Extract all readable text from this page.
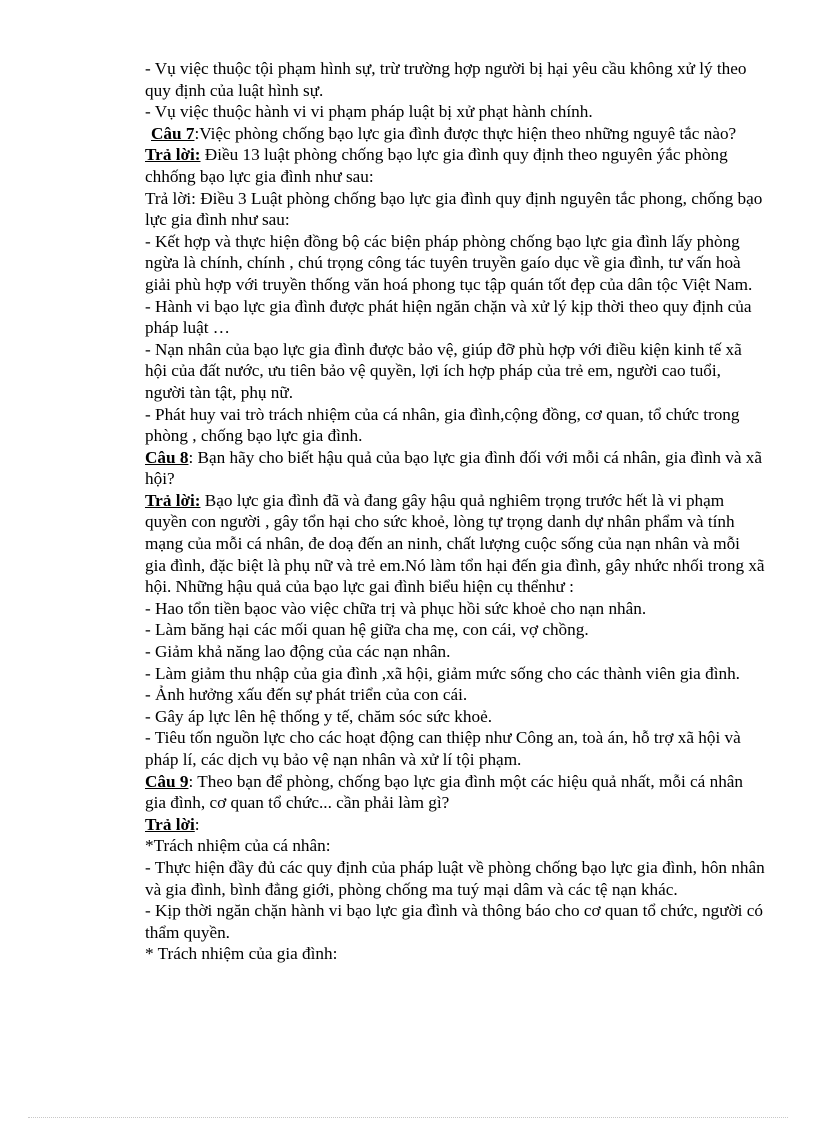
- Vụ việc thuộc tội phạm hình sự, trừ trường hợp người bị hại yêu cầu không xử lý theo quy định của luật hình sự.

- Vụ việc thuộc hành vi vi phạm pháp luật bị xử phạt hành chính.

Câu 7:Việc phòng chống bạo lực gia đình được thực hiện theo những nguyê tắc nào?

Trả lời: Điều 13 luật phòng chống bạo lực gia đình quy định theo nguyên ýắc phòng chhống bạo lực gia đình như sau:

Trả lời: Điều 3 Luật phòng chống bạo lực gia đình quy định nguyên tắc phong, chống bạo lực gia đình như sau:

- Kết hợp và thực hiện đồng bộ các biện pháp phòng chống bạo lực gia đình lấy phòng ngừa là chính, chính , chú trọng công tác tuyên truyền gaío dục về gia đình, tư vấn hoà giải phù hợp với truyền thống văn hoá phong tục tập quán tốt đẹp của dân tộc Việt Nam.

- Hành vi bạo lực gia đình được phát hiện ngăn chặn và xử lý kịp thời theo quy định của pháp luật …

- Nạn nhân của bạo lực gia đình được bảo vệ, giúp đỡ phù hợp với điều kiện kinh tế xã hội của đất nước, ưu tiên bảo vệ quyền, lợi ích hợp pháp của trẻ em, người cao tuổi, người tàn tật, phụ nữ.

- Phát huy vai trò trách nhiệm của cá nhân, gia đình,cộng đồng, cơ quan, tổ chức trong phòng , chống bạo lực gia đình.

Câu 8: Bạn hãy cho biết hậu quả của bạo lực gia đình đối với mỗi cá nhân, gia đình và xã hội?

Trả lời: Bạo lực gia đình đã và đang gây hậu quả nghiêm trọng trước hết là vi phạm quyền con người , gây tổn hại cho sức khoẻ, lòng tự trọng danh dự nhân phẩm và tính mạng của mỗi cá nhân, đe doạ đến an ninh, chất lượng cuộc sống của nạn nhân và mỗi gia đình, đặc biệt là phụ nữ và trẻ em.Nó làm tổn hại đến gia đình, gây nhức nhối trong xã hội. Những hậu quả của bạo lực gai đình biểu hiện cụ thểnhư :

- Hao tổn tiền bạoc vào việc chữa trị và phục hồi sức khoẻ cho nạn nhân.

- Làm băng hại các mối quan hệ giữa cha mẹ, con cái, vợ chồng.

- Giảm khả năng lao động của các nạn nhân.

- Làm giảm thu nhập của gia đình ,xã hội, giảm mức sống cho các thành viên gia đình.

- Ảnh hưởng xấu đến sự phát triển của con cái.

- Gây áp lực lên hệ thống y tế, chăm sóc sức khoẻ.

- Tiêu tốn nguồn lực cho các hoạt động can thiệp như Công an, toà án, hỗ trợ xã hội và pháp lí, các dịch vụ bảo vệ nạn nhân và xử lí tội phạm.

Câu 9: Theo bạn để phòng, chống bạo lực gia đình một các hiệu quả nhất, mỗi cá nhân gia đình, cơ quan tổ chức... cần phải làm gì?

Trả lời:

*Trách nhiệm của cá nhân:

- Thực hiện đầy đủ các quy định của pháp luật về phòng chống bạo lực gia đình, hôn nhân và gia đình, bình đẳng giới, phòng chống ma tuý mại dâm và các tệ nạn khác.

- Kịp thời ngăn chặn hành vi bạo lực gia đình và thông báo cho cơ quan tổ chức, người có thẩm quyền.

* Trách nhiệm của gia đình:
